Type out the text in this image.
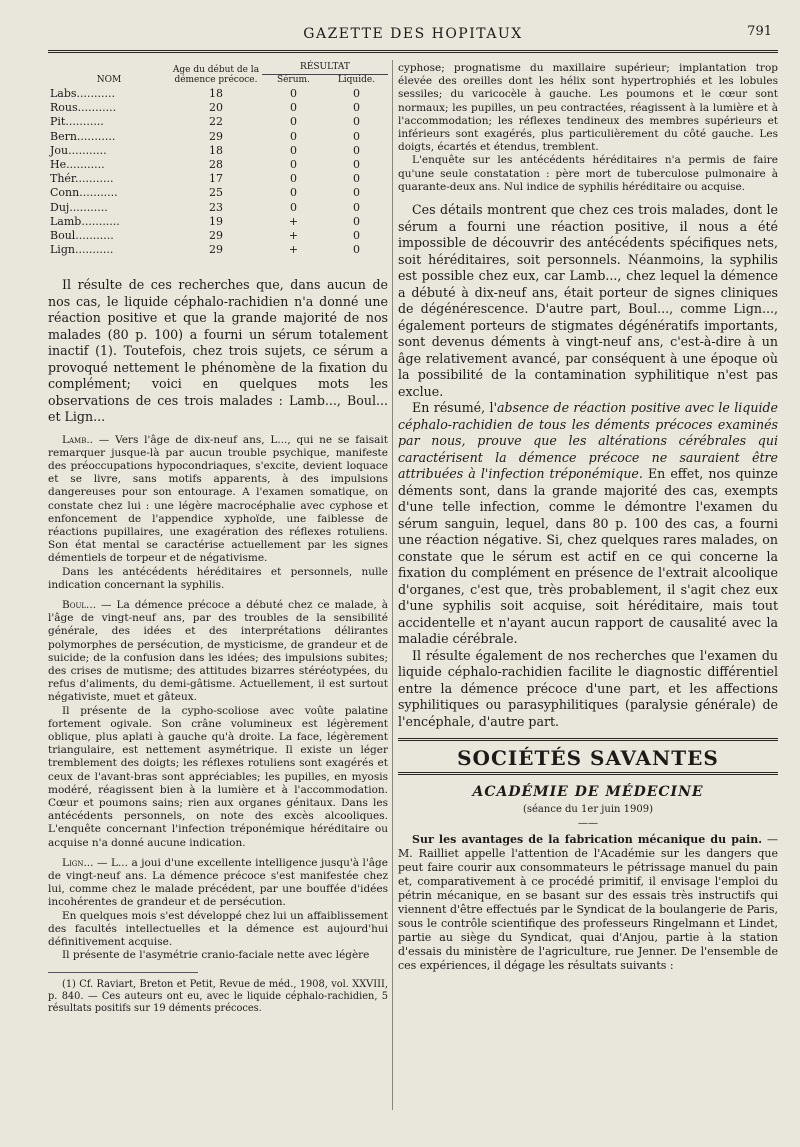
GAZETTE DES HOPITAUX	791
NOM	Age du début de la démence précoce.	RÉSULTAT	
		Sérum.	Liquide.
Labs...........	18	0	0
Rous...........	20	0	0
Pit...........	22	0	0
Bern...........	29	0	0
Jou...........	18	0	0
He...........	28	0	0
Thér...........	17	0	0
Conn...........	25	0	0
Duj...........	23	0	0
Lamb...........	19	+	0
Boul...........	29	+	0
Lign...........	29	+	0

Il résulte de ces recherches que, dans aucun de nos cas, le liquide céphalo-rachidien n'a donné une réaction positive et que la grande majorité de nos malades (80 p. 100) a fourni un sérum totalement inactif (1). Toutefois, chez trois sujets, ce sérum a provoqué nettement le phénomène de la fixation du complément; voici en quelques mots les observations de ces trois malades : Lamb..., Boul... et Lign...

Lamb.. — Vers l'âge de dix-neuf ans, L..., qui ne se faisait remarquer jusque-là par aucun trouble psychique, manifeste des préoccupations hypocondriaques, s'excite, devient loquace et se livre, sans motifs apparents, à des impulsions dangereuses pour son entourage. A l'examen somatique, on constate chez lui : une légère macrocéphalie avec cyphose et enfoncement de l'appendice xyphoïde, une faiblesse de réactions pupillaires, une exagération des réflexes rotuliens. Son état mental se caractérise actuellement par les signes démentiels de torpeur et de négativisme.

Dans les antécédents héréditaires et personnels, nulle indication concernant la syphilis.

Boul... — La démence précoce a débuté chez ce malade, à l'âge de vingt-neuf ans, par des troubles de la sensibilité générale, des idées et des interprétations délirantes polymorphes de persécution, de mysticisme, de grandeur et de suicide; de la confusion dans les idées; des impulsions subites; des crises de mutisme; des attitudes bizarres stéréotypées, du refus d'aliments, du demi-gâtisme. Actuellement, il est surtout négativiste, muet et gâteux.

Il présente de la cypho-scoliose avec voûte palatine fortement ogivale. Son crâne volumineux est légèrement oblique, plus aplati à gauche qu'à droite. La face, légèrement triangulaire, est nettement asymétrique. Il existe un léger tremblement des doigts; les réflexes rotuliens sont exagérés et ceux de l'avant-bras sont appréciables; les pupilles, en myosis modéré, réagissent bien à la lumière et à l'accommodation. Cœur et poumons sains; rien aux organes génitaux. Dans les antécédents personnels, on note des excès alcooliques. L'enquête concernant l'infection tréponémique héréditaire ou acquise n'a donné aucune indication.

Lign... — L... a joui d'une excellente intelligence jusqu'à l'âge de vingt-neuf ans. La démence précoce s'est manifestée chez lui, comme chez le malade précédent, par une bouffée d'idées incohérentes de grandeur et de persécution.

En quelques mois s'est développé chez lui un affaiblissement des facultés intellectuelles et la démence est aujourd'hui définitivement acquise.

Il présente de l'asymétrie cranio-faciale nette avec légère

(1) Cf. Raviart, Breton et Petit, Revue de méd., 1908, vol. XXVIII, p. 840. — Ces auteurs ont eu, avec le liquide céphalo-rachidien, 5 résultats positifs sur 19 déments précoces.

cyphose; prognatisme du maxillaire supérieur; implantation trop élevée des oreilles dont les hélix sont hypertrophiés et les lobules sessiles; du varicocèle à gauche. Les poumons et le cœur sont normaux; les pupilles, un peu contractées, réagissent à la lumière et à l'accommodation; les réflexes tendineux des membres supérieurs et inférieurs sont exagérés, plus particulièrement du côté gauche. Les doigts, écartés et étendus, tremblent.

L'enquête sur les antécédents héréditaires n'a permis de faire qu'une seule constatation : père mort de tuberculose pulmonaire à quarante-deux ans. Nul indice de syphilis héréditaire ou acquise.

Ces détails montrent que chez ces trois malades, dont le sérum a fourni une réaction positive, il nous a été impossible de découvrir des antécédents spécifiques nets, soit héréditaires, soit personnels. Néanmoins, la syphilis est possible chez eux, car Lamb..., chez lequel la démence a débuté à dix-neuf ans, était porteur de signes cliniques de dégénérescence. D'autre part, Boul..., comme Lign..., également porteurs de stigmates dégénératifs importants, sont devenus déments à vingt-neuf ans, c'est-à-dire à un âge relativement avancé, par conséquent à une époque où la possibilité de la contamination syphilitique n'est pas exclue.

En résumé, l'absence de réaction positive avec le liquide céphalo-rachidien de tous les déments précoces examinés par nous, prouve que les altérations cérébrales qui caractérisent la démence précoce ne sauraient être attribuées à l'infection tréponémique. En effet, nos quinze déments sont, dans la grande majorité des cas, exempts d'une telle infection, comme le démontre l'examen du sérum sanguin, lequel, dans 80 p. 100 des cas, a fourni une réaction négative. Si, chez quelques rares malades, on constate que le sérum est actif en ce qui concerne la fixation du complément en présence de l'extrait alcoolique d'organes, c'est que, très probablement, il s'agit chez eux d'une syphilis soit acquise, soit héréditaire, mais tout accidentelle et n'ayant aucun rapport de causalité avec la maladie cérébrale.

Il résulte également de nos recherches que l'examen du liquide céphalo-rachidien facilite le diagnostic différentiel entre la démence précoce d'une part, et les affections syphilitiques ou parasyphilitiques (paralysie générale) de l'encéphale, d'autre part.

SOCIÉTÉS SAVANTES
ACADÉMIE DE MÉDECINE
(séance du 1er juin 1909)
——

Sur les avantages de la fabrication mécanique du pain. — M. Railliet appelle l'attention de l'Académie sur les dangers que peut faire courir aux consommateurs le pétrissage manuel du pain et, comparativement à ce procédé primitif, il envisage l'emploi du pétrin mécanique, en se basant sur des essais très instructifs qui viennent d'être effectués par le Syndicat de la boulangerie de Paris, sous le contrôle scientifique des professeurs Ringelmann et Lindet, partie au siège du Syndicat, quai d'Anjou, partie à la station d'essais du ministère de l'agriculture, rue Jenner. De l'ensemble de ces expériences, il dégage les résultats suivants :
